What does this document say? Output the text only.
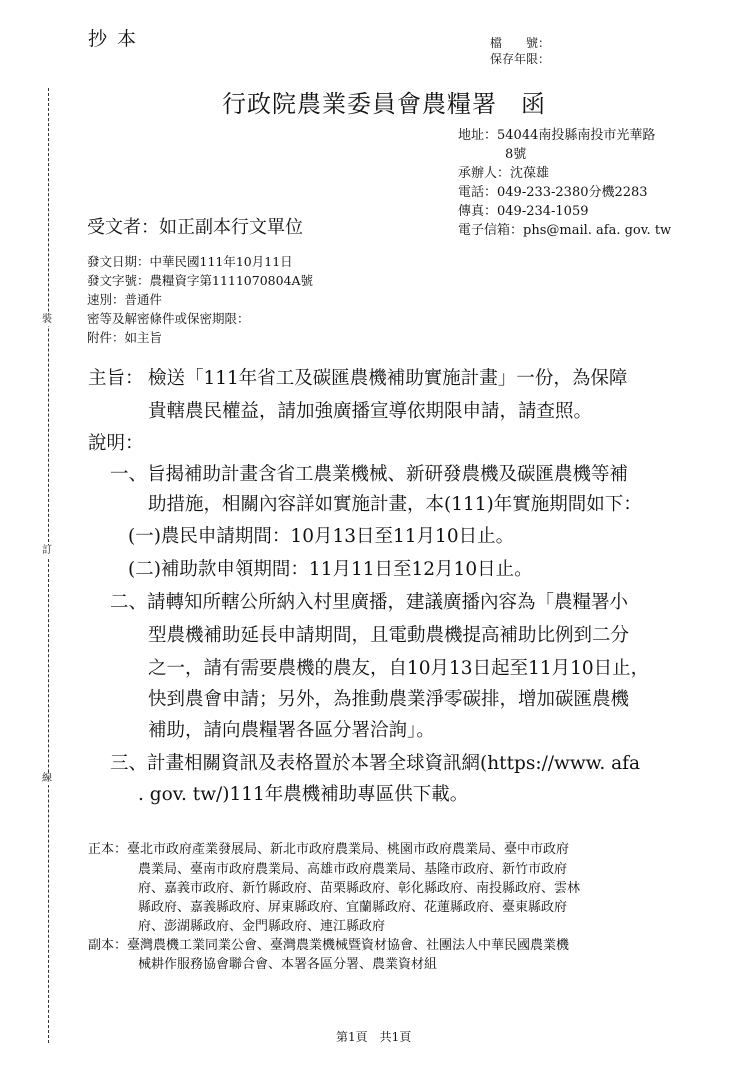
裝
訂
線
抄本	檔　　號：
保存年限：
行政院農業委員會農糧署 函
地址：54044南投縣南投市光華路
8號
承辦人：沈葆雄
電話：049-233-2380分機2283
傳真：049-234-1059
電子信箱：phs@mail. afa. gov. tw
受文者：如正副本行文單位
發文日期：中華民國111年10月11日
發文字號：農糧資字第1111070804A號
速別：普通件
密等及解密條件或保密期限：
附件：如主旨
主旨： 檢送「111年省工及碳匯農機補助實施計畫」一份，為保障
貴轄農民權益，請加強廣播宣導依期限申請，請查照。
說明：
一、旨揭補助計畫含省工農業機械、新研發農機及碳匯農機等補
助措施，相關內容詳如實施計畫，本(111)年實施期間如下：
(一)農民申請期間：10月13日至11月10日止。
(二)補助款申領期間：11月11日至12月10日止。
二、請轉知所轄公所納入村里廣播，建議廣播內容為「農糧署小
型農機補助延長申請期間，且電動農機提高補助比例到二分
之一，請有需要農機的農友，自10月13日起至11月10日止，
快到農會申請；另外，為推動農業淨零碳排，增加碳匯農機
補助，請向農糧署各區分署洽詢」。
三、計畫相關資訊及表格置於本署全球資訊網(https://www. afa
. gov. tw/)111年農機補助專區供下載。
正本：臺北市政府產業發展局、新北市政府農業局、桃園市政府農業局、臺中市政府
農業局、臺南市政府農業局、高雄市政府農業局、基隆市政府、新竹市政府
府、嘉義市政府、新竹縣政府、苗栗縣政府、彰化縣政府、南投縣政府、雲林
縣政府、嘉義縣政府、屏東縣政府、宜蘭縣政府、花蓮縣政府、臺東縣政府
府、澎湖縣政府、金門縣政府、連江縣政府
副本：臺灣農機工業同業公會、臺灣農業機械暨資材協會、社團法人中華民國農業機
械耕作服務協會聯合會、本署各區分署、農業資材組
第1頁　共1頁
